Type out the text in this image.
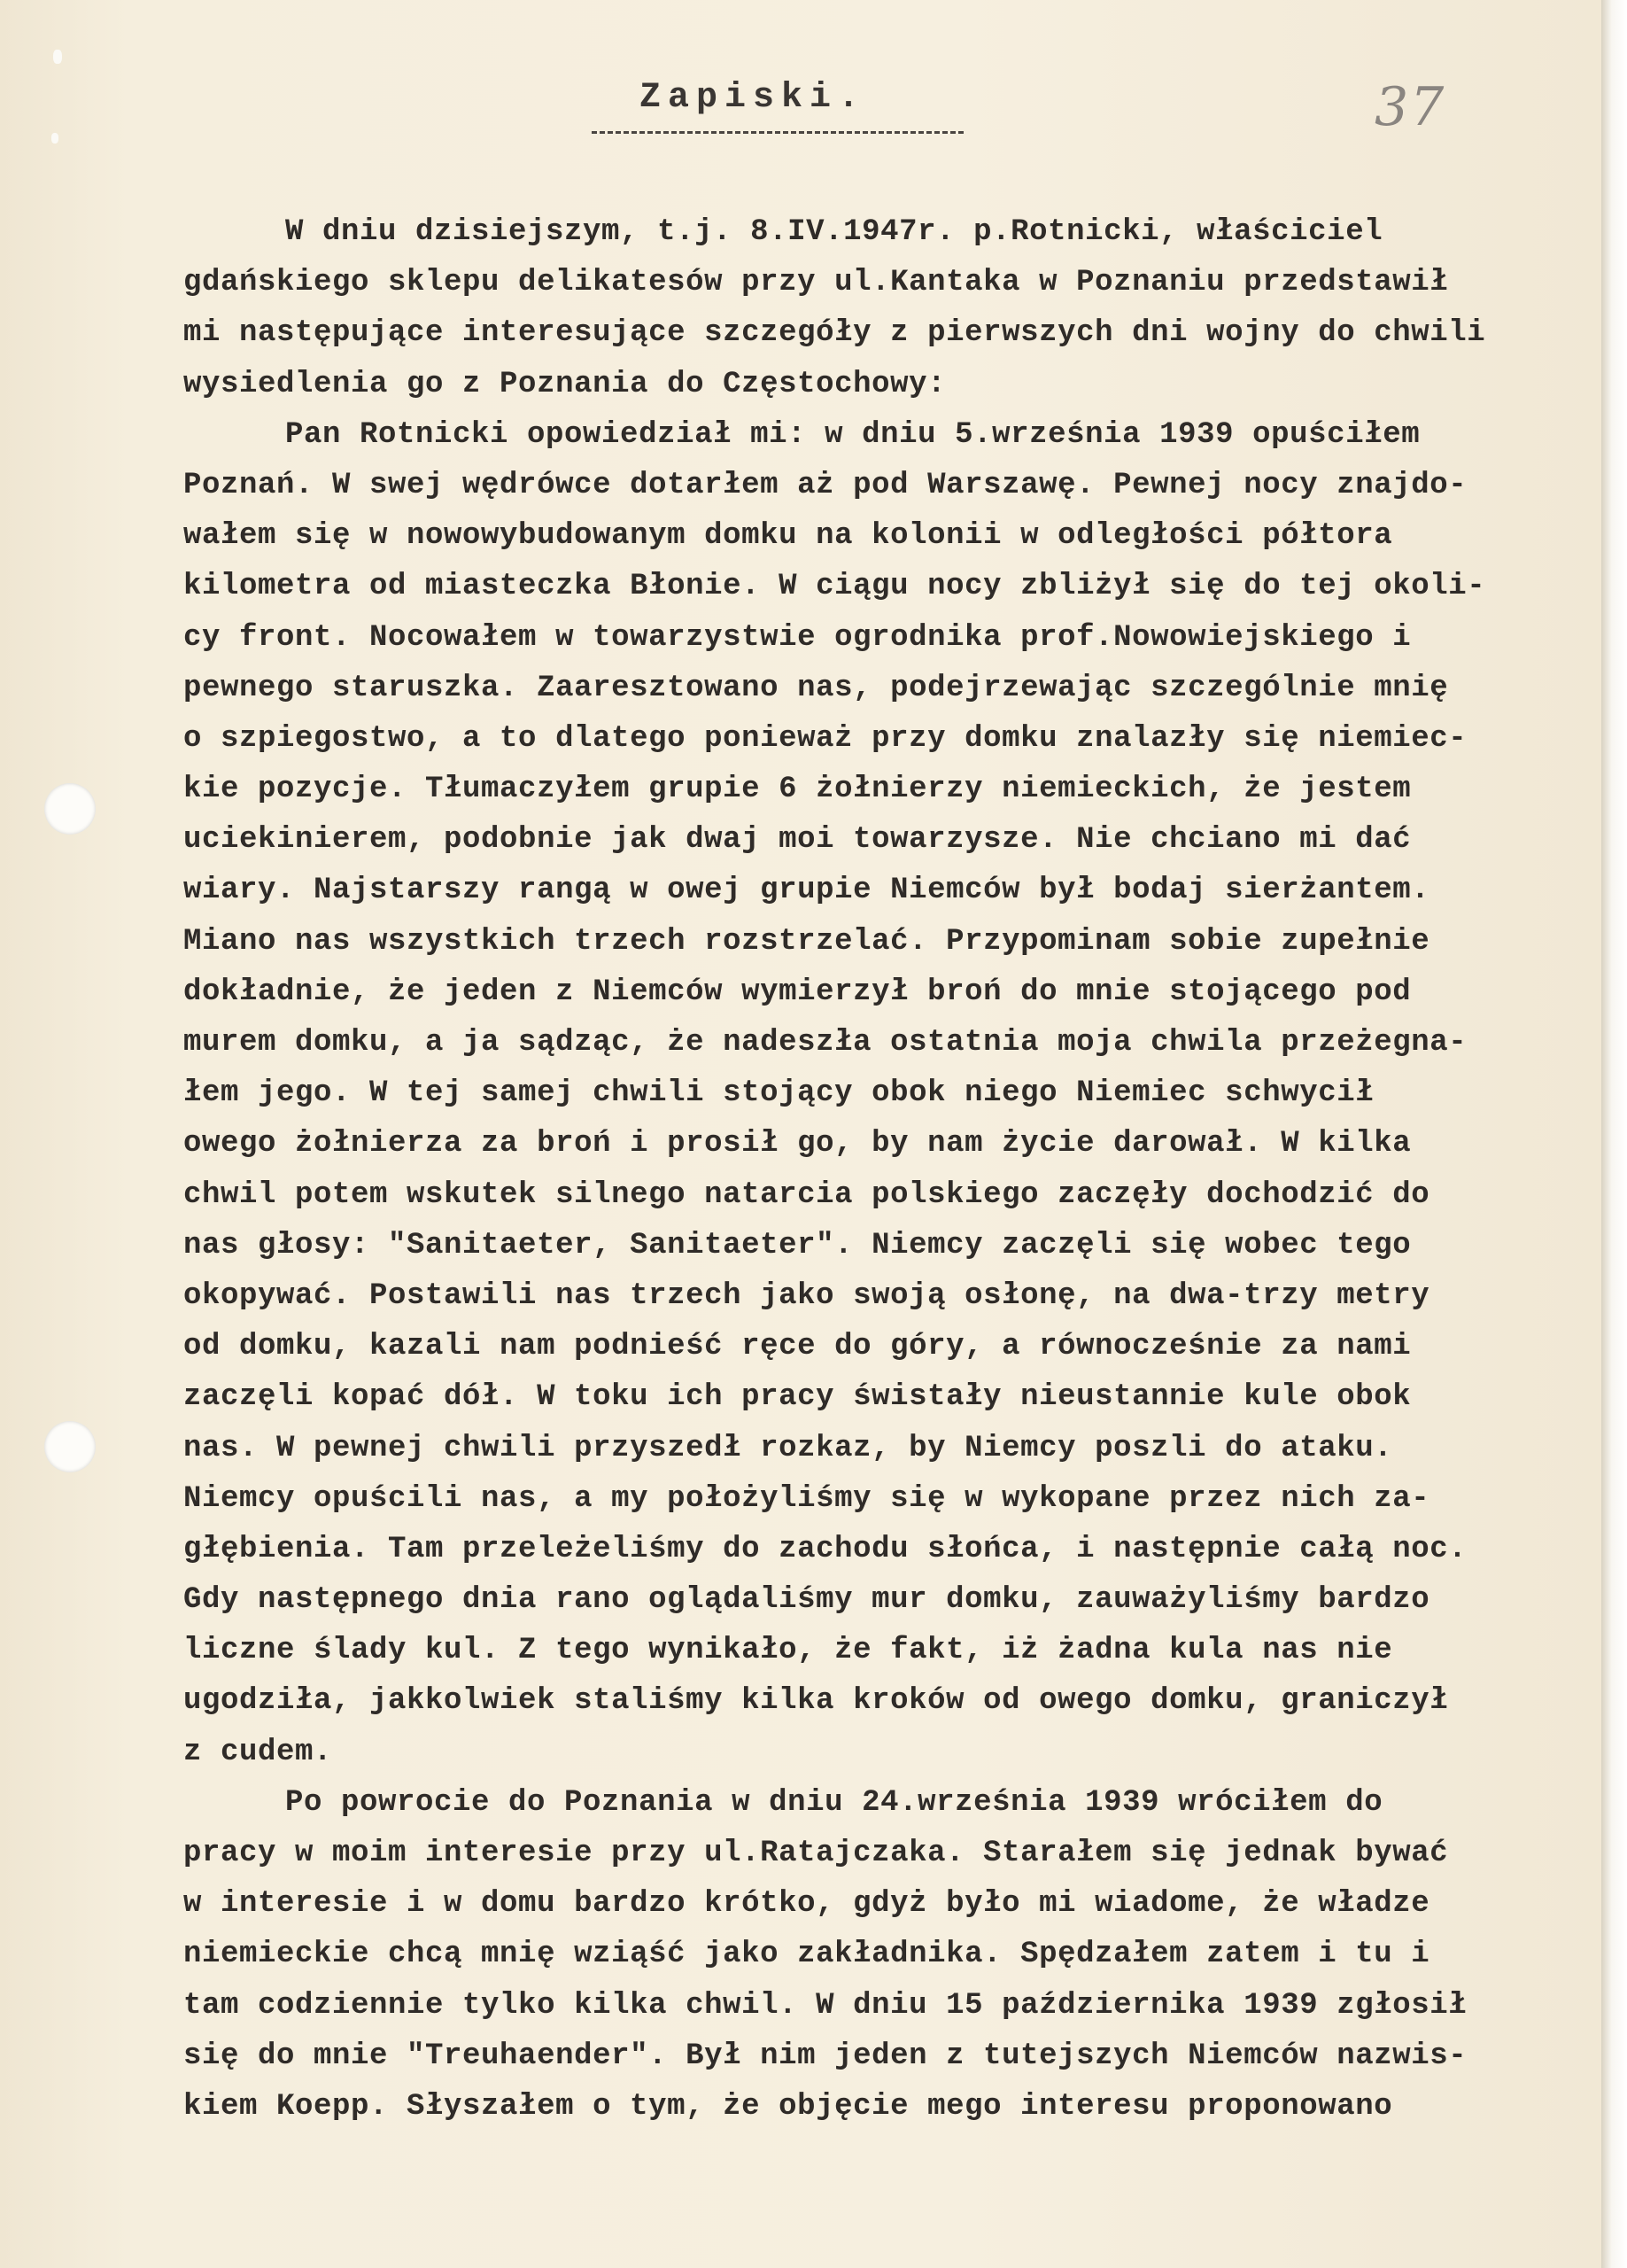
Zapiski.	37
W dniu dzisiejszym, t.j. 8.IV.1947r. p.Rotnicki, właściciel
gdańskiego sklepu delikatesów przy ul.Kantaka w Poznaniu przedstawił
mi następujące interesujące szczegóły z pierwszych dni wojny do chwili
wysiedlenia go z Poznania do Częstochowy:
Pan Rotnicki opowiedział mi: w dniu 5.września 1939 opuściłem
Poznań. W swej wędrówce dotarłem aż pod Warszawę. Pewnej nocy znajdo-
wałem się w nowowybudowanym domku na kolonii w odległości półtora
kilometra od miasteczka Błonie. W ciągu nocy zbliżył się do tej okoli-
cy front. Nocowałem w towarzystwie ogrodnika prof.Nowowiejskiego i
pewnego staruszka. Zaaresztowano nas, podejrzewając szczególnie mnię
o szpiegostwo, a to dlatego ponieważ przy domku znalazły się niemiec-
kie pozycje. Tłumaczyłem grupie 6 żołnierzy niemieckich, że jestem
uciekinierem, podobnie jak dwaj moi towarzysze. Nie chciano mi dać
wiary. Najstarszy rangą w owej grupie Niemców był bodaj sierżantem.
Miano nas wszystkich trzech rozstrzelać. Przypominam sobie zupełnie
dokładnie, że jeden z Niemców wymierzył broń do mnie stojącego pod
murem domku, a ja sądząc, że nadeszła ostatnia moja chwila przeżegna-
łem jego. W tej samej chwili stojący obok niego Niemiec schwycił
owego żołnierza za broń i prosił go, by nam życie darował. W kilka
chwil potem wskutek silnego natarcia polskiego zaczęły dochodzić do
nas głosy: "Sanitaeter, Sanitaeter". Niemcy zaczęli się wobec tego
okopywać. Postawili nas trzech jako swoją osłonę, na dwa-trzy metry
od domku, kazali nam podnieść ręce do góry, a równocześnie za nami
zaczęli kopać dół. W toku ich pracy świstały nieustannie kule obok
nas. W pewnej chwili przyszedł rozkaz, by Niemcy poszli do ataku.
Niemcy opuścili nas, a my położyliśmy się w wykopane przez nich za-
głębienia. Tam przeleżeliśmy do zachodu słońca, i następnie całą noc.
Gdy następnego dnia rano oglądaliśmy mur domku, zauważyliśmy bardzo
liczne ślady kul. Z tego wynikało, że fakt, iż żadna kula nas nie
ugodziła, jakkolwiek staliśmy kilka kroków od owego domku, graniczył
z cudem.
Po powrocie do Poznania w dniu 24.września 1939 wróciłem do
pracy w moim interesie przy ul.Ratajczaka. Starałem się jednak bywać
w interesie i w domu bardzo krótko, gdyż było mi wiadome, że władze
niemieckie chcą mnię wziąść jako zakładnika. Spędzałem zatem i tu i
tam codziennie tylko kilka chwil. W dniu 15 października 1939 zgłosił
się do mnie "Treuhaender". Był nim jeden z tutejszych Niemców nazwis-
kiem Koepp. Słyszałem o tym, że objęcie mego interesu proponowano
